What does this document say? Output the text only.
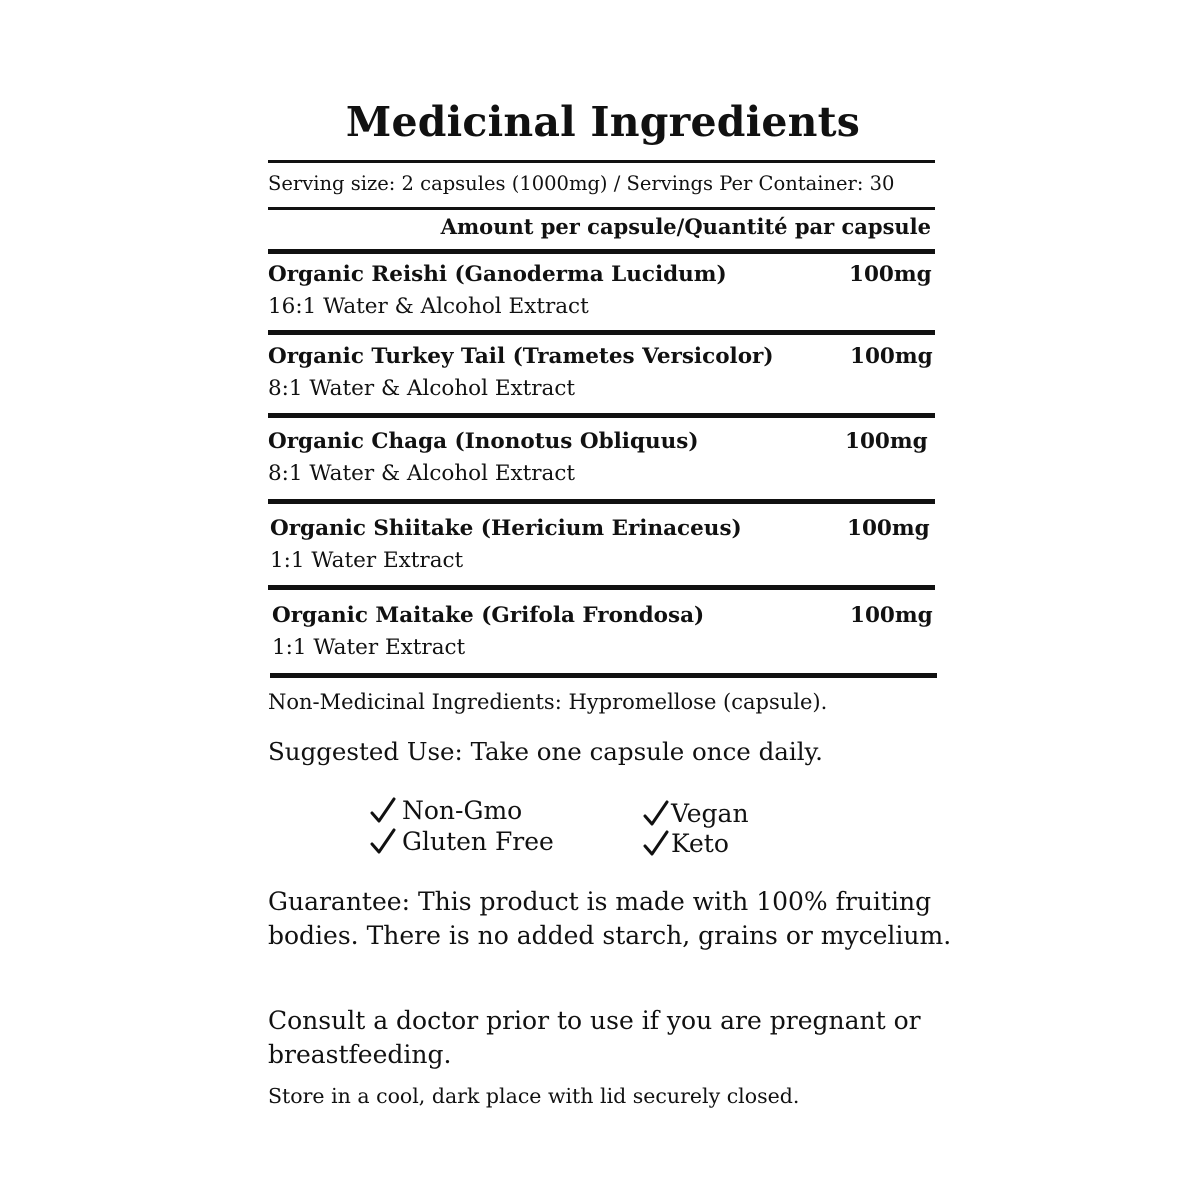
Medicinal Ingredients
Serving size: 2 capsules (1000mg) / Servings Per Container: 30
Amount per capsule/Quantité par capsule
Organic Reishi (Ganoderma Lucidum)	100mg
16:1 Water & Alcohol Extract
Organic Turkey Tail (Trametes Versicolor)	100mg
8:1 Water & Alcohol Extract
Organic Chaga (Inonotus Obliquus)	100mg
8:1 Water & Alcohol Extract
Organic Shiitake (Hericium Erinaceus)	100mg
1:1 Water Extract
Organic Maitake (Grifola Frondosa)	100mg
1:1 Water Extract
Non-Medicinal Ingredients: Hypromellose (capsule).
Suggested Use: Take one capsule once daily.
Non-Gmo
Gluten Free
Vegan
Keto
Guarantee: This product is made with 100% fruiting bodies. There is no added starch, grains or mycelium.
Consult a doctor prior to use if you are pregnant or breastfeeding.
Store in a cool, dark place with lid securely closed.
